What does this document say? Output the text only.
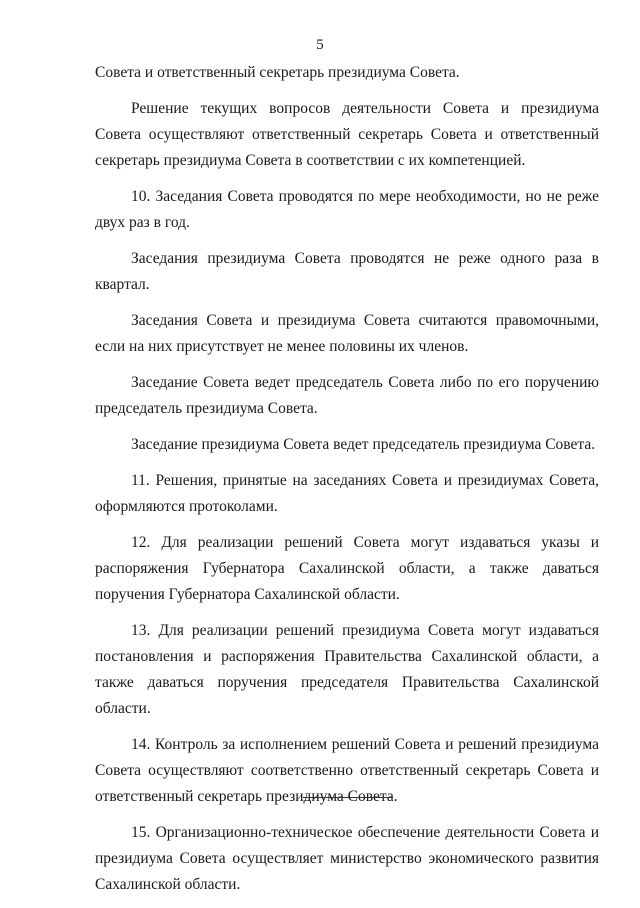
5

Совета и ответственный секретарь президиума Совета.

Решение текущих вопросов деятельности Совета и президиума Совета осуществляют ответственный секретарь Совета и ответственный секретарь президиума Совета в соответствии с их компетенцией.

10. Заседания Совета проводятся по мере необходимости, но не реже двух раз в год.

Заседания президиума Совета проводятся не реже одного раза в квартал.

Заседания Совета и президиума Совета считаются правомочными, если на них присутствует не менее половины их членов.

Заседание Совета ведет председатель Совета либо по его поручению председатель президиума Совета.

Заседание президиума Совета ведет председатель президиума Совета.

11. Решения, принятые на заседаниях Совета и президиумах Совета, оформляются протоколами.

12. Для реализации решений Совета могут издаваться указы и распоряжения Губернатора Сахалинской области, а также даваться поручения Губернатора Сахалинской области.

13. Для реализации решений президиума Совета могут издаваться постановления и распоряжения Правительства Сахалинской области, а также даваться поручения председателя Правительства Сахалинской области.

14. Контроль за исполнением решений Совета и решений президиума Совета осуществляют соответственно ответственный секретарь Совета и ответственный секретарь президиума Совета.

15. Организационно-техническое обеспечение деятельности Совета и президиума Совета осуществляет министерство экономического развития Сахалинской области.
